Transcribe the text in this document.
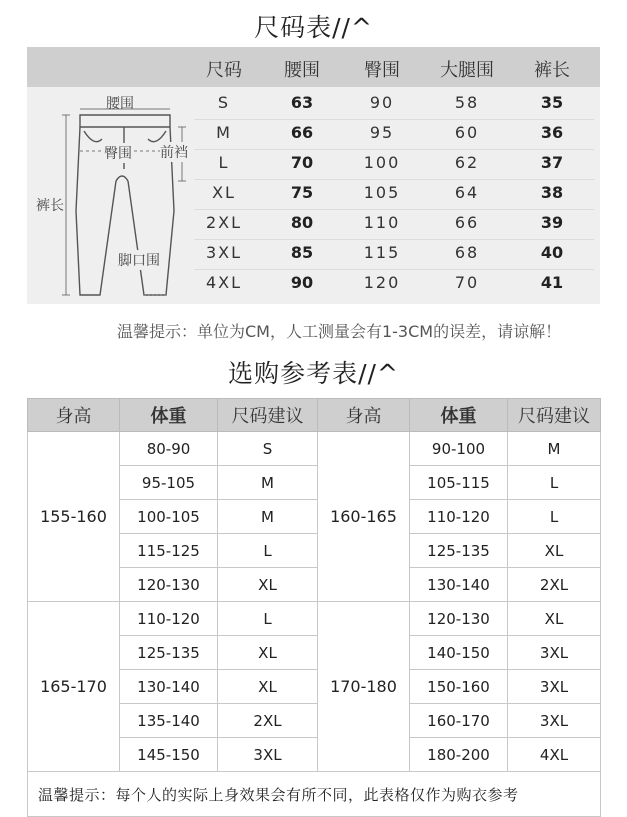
尺码表//^
尺码	腰围	臀围	大腿围	裤长
腰围
臀围 前裆
裤长
脚口围
S	63	90	58	35
M	66	95	60	36
L	70	100	62	37
XL	75	105	64	38
2XL	80	110	66	39
3XL	85	115	68	40
4XL	90	120	70	41
温馨提示：单位为CM，人工测量会有1-3CM的误差，请谅解！
选购参考表//^
身高	体重	尺码建议	身高	体重	尺码建议
155-160	80-90	S	160-165	90-100	M
	95-105	M		105-115	L
	100-105	M		110-120	L
	115-125	L		125-135	XL
	120-130	XL		130-140	2XL
165-170	110-120	L	170-180	120-130	XL
	125-135	XL		140-150	3XL
	130-140	XL		150-160	3XL
	135-140	2XL		160-170	3XL
	145-150	3XL		180-200	4XL
温馨提示：每个人的实际上身效果会有所不同，此表格仅作为购衣参考					
